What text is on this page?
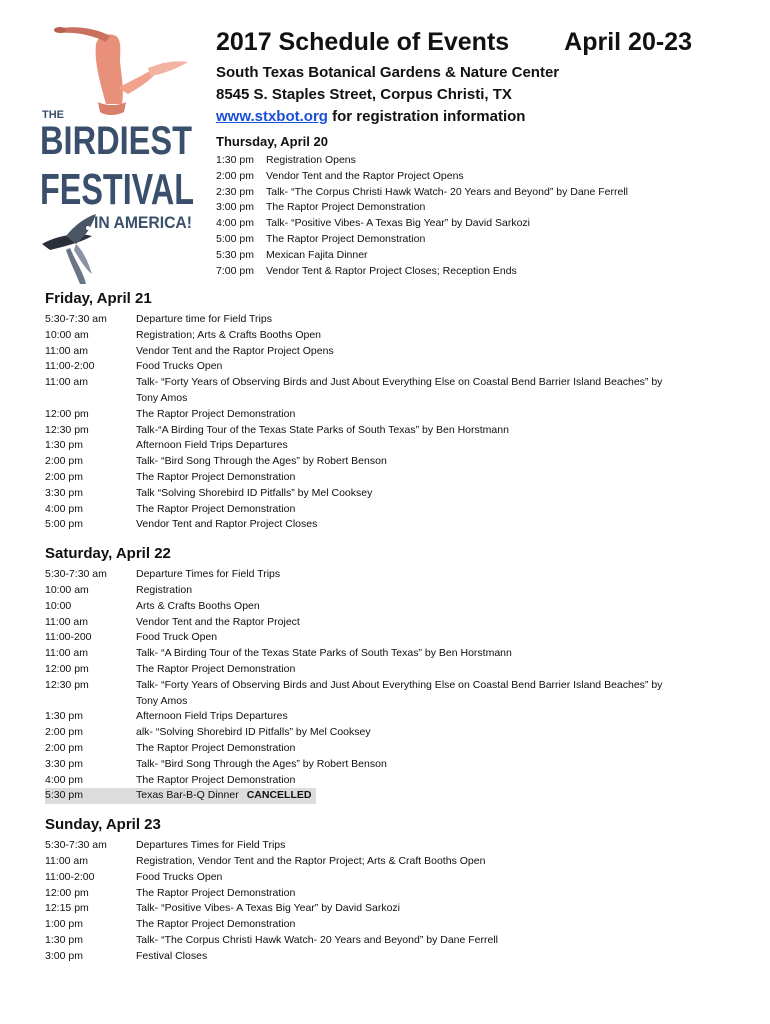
THE
BIRDIEST
FESTIVAL
IN AMERICA!
2017 Schedule of Events April 20-23
South Texas Botanical Gardens & Nature Center
8545 S. Staples Street, Corpus Christi, TX
www.stxbot.org for registration information
Thursday, April 20
1:30 pm Registration Opens
2:00 pm Vendor Tent and the Raptor Project Opens
2:30 pm Talk- “The Corpus Christi Hawk Watch- 20 Years and Beyond” by Dane Ferrell
3:00 pm The Raptor Project Demonstration
4:00 pm Talk- “Positive Vibes- A Texas Big Year” by David Sarkozi
5:00 pm The Raptor Project Demonstration
5:30 pm Mexican Fajita Dinner
7:00 pm Vendor Tent & Raptor Project Closes; Reception Ends
Friday, April 21
5:30-7:30 am	Departure time for Field Trips
10:00 am	Registration; Arts & Crafts Booths Open
11:00 am	Vendor Tent and the Raptor Project Opens
11:00-2:00	Food Trucks Open
11:00 am	Talk- “Forty Years of Observing Birds and Just About Everything Else on Coastal Bend Barrier Island Beaches” by
Tony Amos
12:00 pm	The Raptor Project Demonstration
12:30 pm	Talk-“A Birding Tour of the Texas State Parks of South Texas” by Ben Horstmann
1:30 pm	Afternoon Field Trips Departures
2:00 pm	Talk- “Bird Song Through the Ages” by Robert Benson
2:00 pm	The Raptor Project Demonstration
3:30 pm	Talk “Solving Shorebird ID Pitfalls” by Mel Cooksey
4:00 pm	The Raptor Project Demonstration
5:00 pm	Vendor Tent and Raptor Project Closes
Saturday, April 22
5:30-7:30 am	Departure Times for Field Trips
10:00 am	Registration
10:00	Arts & Crafts Booths Open
11:00 am	Vendor Tent and the Raptor Project
11:00-200	Food Truck Open
11:00 am	Talk- “A Birding Tour of the Texas State Parks of South Texas” by Ben Horstmann
12:00 pm	The Raptor Project Demonstration
12:30 pm	Talk- “Forty Years of Observing Birds and Just About Everything Else on Coastal Bend Barrier Island Beaches” by
Tony Amos
1:30 pm	Afternoon Field Trips Departures
2:00 pm	alk- “Solving Shorebird ID Pitfalls” by Mel Cooksey
2:00 pm	The Raptor Project Demonstration
3:30 pm	Talk- “Bird Song Through the Ages” by Robert Benson
4:00 pm	The Raptor Project Demonstration
5:30 pm	Texas Bar-B-Q Dinner CANCELLED
Sunday, April 23
5:30-7:30 am	Departures Times for Field Trips
11:00 am	Registration, Vendor Tent and the Raptor Project; Arts & Craft Booths Open
11:00-2:00	Food Trucks Open
12:00 pm	The Raptor Project Demonstration
12:15 pm	Talk- “Positive Vibes- A Texas Big Year” by David Sarkozi
1:00 pm	The Raptor Project Demonstration
1:30 pm	Talk- “The Corpus Christi Hawk Watch- 20 Years and Beyond” by Dane Ferrell
3:00 pm	Festival Closes
